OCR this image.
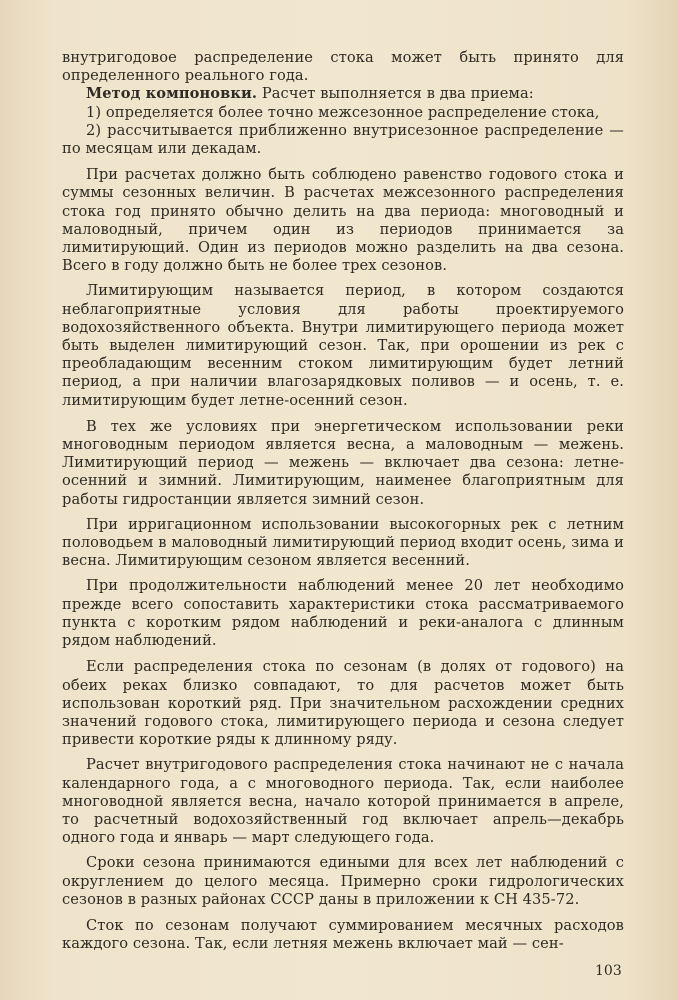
внутригодовое распределение стока может быть принято для определенного реального года.

Метод компоновки. Расчет выполняется в два приема:

1) определяется более точно межсезонное распределение стока,

2) рассчитывается приближенно внутрисезонное распределение — по месяцам или декадам.

При расчетах должно быть соблюдено равенство годового стока и суммы сезонных величин. В расчетах межсезонного распределения стока год принято обычно делить на два периода: многоводный и маловодный, причем один из периодов принимается за лимитирующий. Один из периодов можно разделить на два сезона. Всего в году должно быть не более трех сезонов.

Лимитирующим называется период, в котором создаются неблагоприятные условия для работы проектируемого водохозяйственного объекта. Внутри лимитирующего периода может быть выделен лимитирующий сезон. Так, при орошении из рек с преобладающим весенним стоком лимитирующим будет летний период, а при наличии влагозарядковых поливов — и осень, т. е. лимитирующим будет летне-осенний сезон.

В тех же условиях при энергетическом использовании реки многоводным периодом является весна, а маловодным — межень. Лимитирующий период — межень — включает два сезона: летне-осенний и зимний. Лимитирующим, наименее благоприятным для работы гидростанции является зимний сезон.

При ирригационном использовании высокогорных рек с летним половодьем в маловодный лимитирующий период входит осень, зима и весна. Лимитирующим сезоном является весенний.

При продолжительности наблюдений менее 20 лет необходимо прежде всего сопоставить характеристики стока рассматриваемого пункта с коротким рядом наблюдений и реки-аналога с длинным рядом наблюдений.

Если распределения стока по сезонам (в долях от годового) на обеих реках близко совпадают, то для расчетов может быть использован короткий ряд. При значительном расхождении средних значений годового стока, лимитирующего периода и сезона следует привести короткие ряды к длинному ряду.

Расчет внутригодового распределения стока начинают не с начала календарного года, а с многоводного периода. Так, если наиболее многоводной является весна, начало которой принимается в апреле, то расчетный водохозяйственный год включает апрель—декабрь одного года и январь — март следующего года.

Сроки сезона принимаются едиными для всех лет наблюдений с округлением до целого месяца. Примерно сроки гидрологических сезонов в разных районах СССР даны в приложении к СН 435-72.

Сток по сезонам получают суммированием месячных расходов каждого сезона. Так, если летняя межень включает май — сен-

103
